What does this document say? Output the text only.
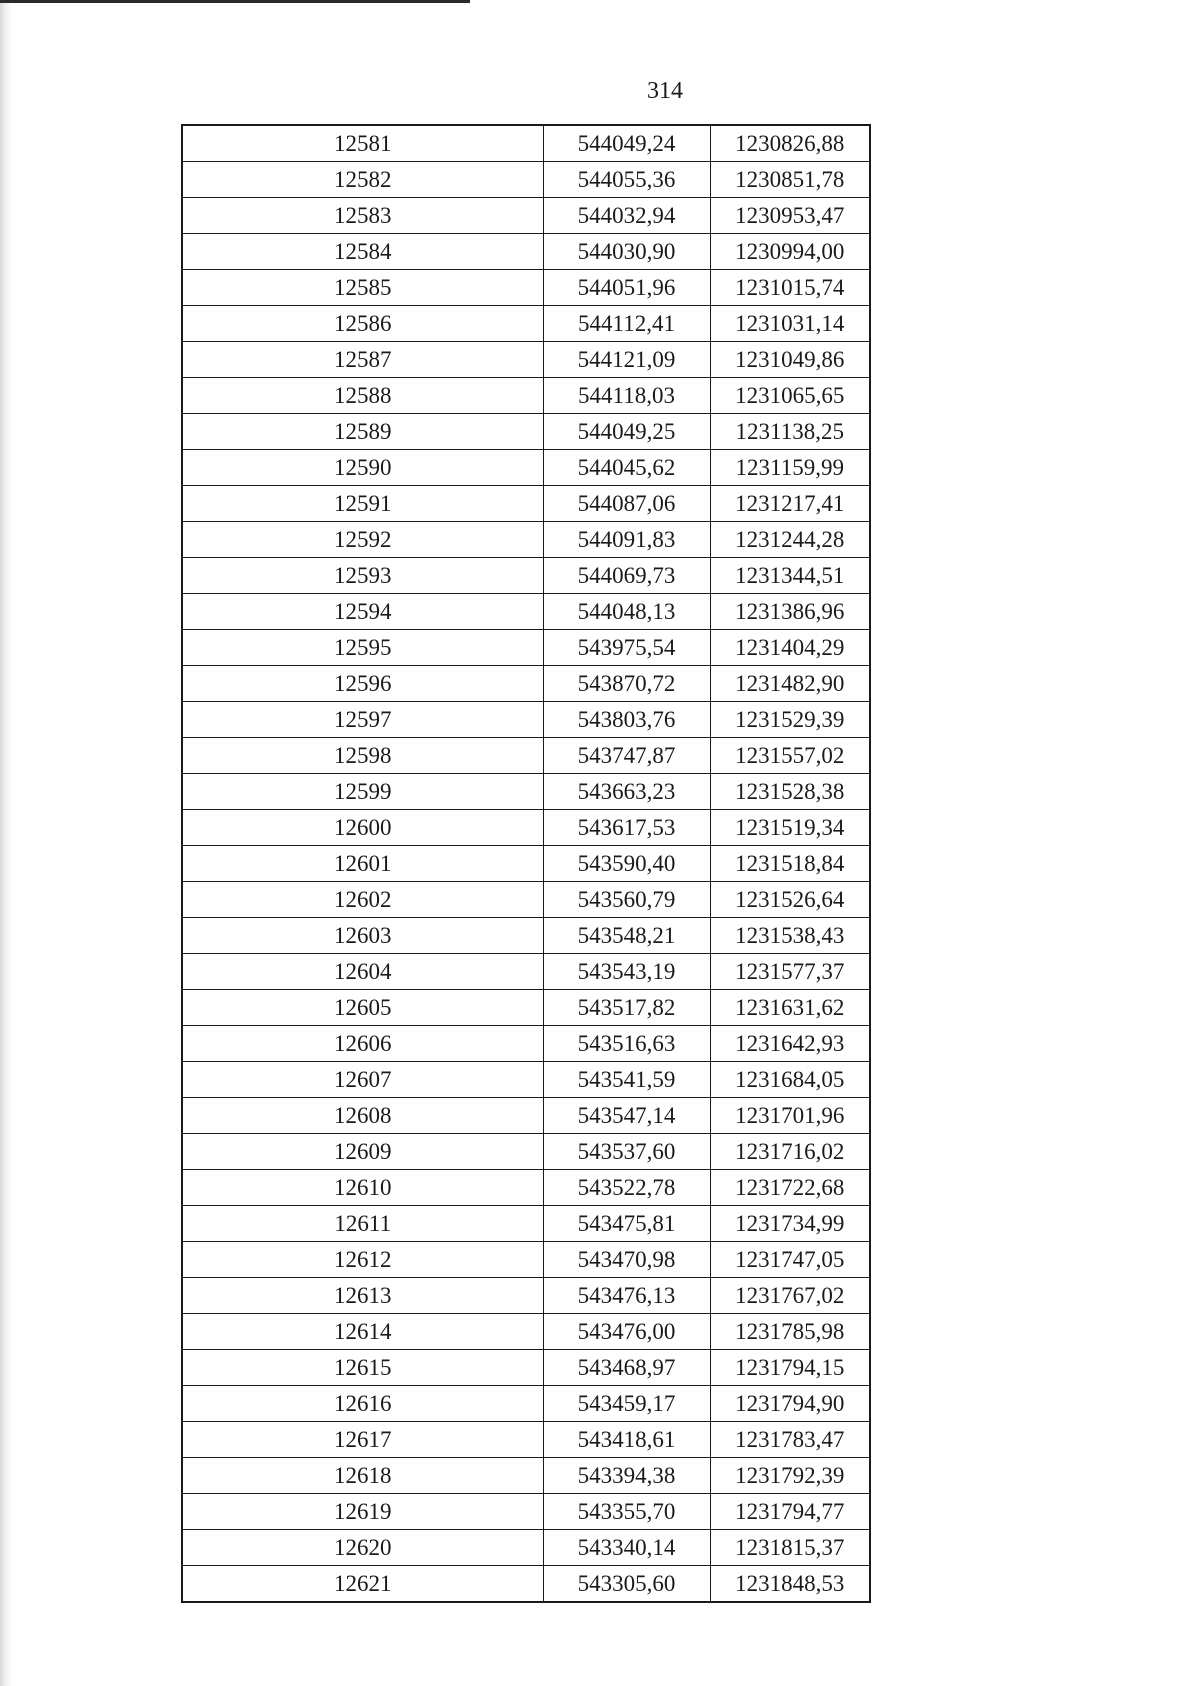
314
12581	544049,24	1230826,88
12582	544055,36	1230851,78
12583	544032,94	1230953,47
12584	544030,90	1230994,00
12585	544051,96	1231015,74
12586	544112,41	1231031,14
12587	544121,09	1231049,86
12588	544118,03	1231065,65
12589	544049,25	1231138,25
12590	544045,62	1231159,99
12591	544087,06	1231217,41
12592	544091,83	1231244,28
12593	544069,73	1231344,51
12594	544048,13	1231386,96
12595	543975,54	1231404,29
12596	543870,72	1231482,90
12597	543803,76	1231529,39
12598	543747,87	1231557,02
12599	543663,23	1231528,38
12600	543617,53	1231519,34
12601	543590,40	1231518,84
12602	543560,79	1231526,64
12603	543548,21	1231538,43
12604	543543,19	1231577,37
12605	543517,82	1231631,62
12606	543516,63	1231642,93
12607	543541,59	1231684,05
12608	543547,14	1231701,96
12609	543537,60	1231716,02
12610	543522,78	1231722,68
12611	543475,81	1231734,99
12612	543470,98	1231747,05
12613	543476,13	1231767,02
12614	543476,00	1231785,98
12615	543468,97	1231794,15
12616	543459,17	1231794,90
12617	543418,61	1231783,47
12618	543394,38	1231792,39
12619	543355,70	1231794,77
12620	543340,14	1231815,37
12621	543305,60	1231848,53
